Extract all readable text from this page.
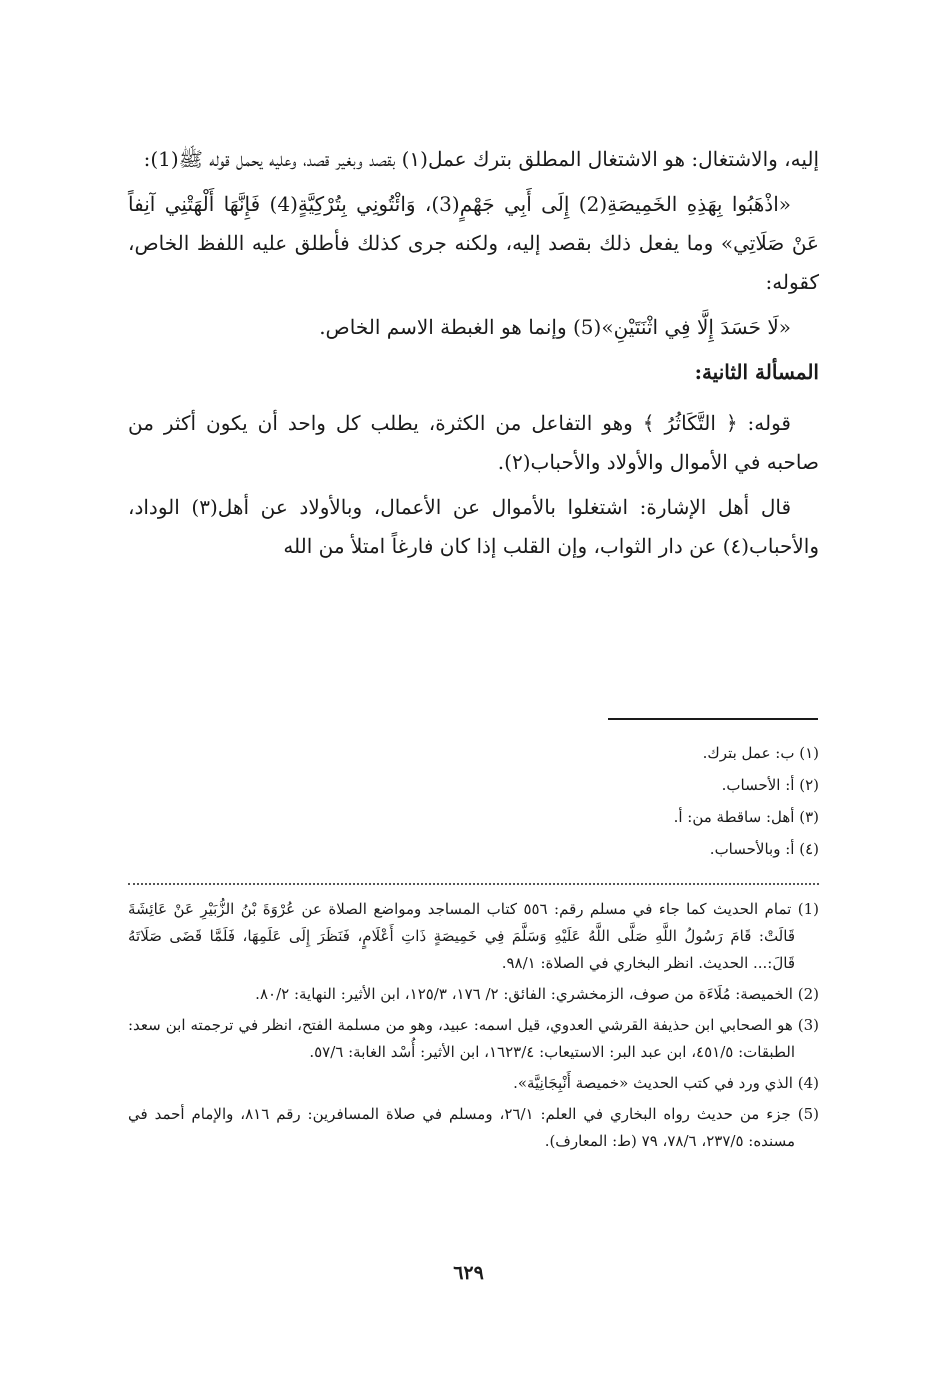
إليه، والاشتغال: هو الاشتغال المطلق بترك عمل(١) بقصد وبغير قصد، وعليه يحمل قوله ﷺ(1):

«اذْهَبُوا بِهَذِهِ الخَمِيصَةِ(2) إِلَى أَبِي جَهْمٍ(3)، وَائْتُونِي بِتُرْكِيَّةٍ(4) فَإِنَّهَا أَلْهَتْنِي آنِفاً عَنْ صَلَاتِي» وما يفعل ذلك بقصد إليه، ولكنه جرى كذلك فأطلق عليه اللفظ الخاص، كقوله:

«لَا حَسَدَ إِلَّا فِي اثْنَتَيْنِ»(5) وإنما هو الغبطة الاسم الخاص.

المسألة الثانية:

قوله: ﴿ التَّكَاثُرُ ﴾ وهو التفاعل من الكثرة، يطلب كل واحد أن يكون أكثر من صاحبه في الأموال والأولاد والأحباب(٢).

قال أهل الإشارة: اشتغلوا بالأموال عن الأعمال، وبالأولاد عن أهل(٣) الوداد، والأحباب(٤) عن دار الثواب، وإن القلب إذا كان فارغاً امتلأ من الله

(١) ب: عمل بترك.
(٢) أ: الأحساب.
(٣) أهل: ساقطة من: أ.
(٤) أ: وبالأحساب.

(1) تمام الحديث كما جاء في مسلم رقم: ٥٥٦ كتاب المساجد ومواضع الصلاة عن عُرْوَةَ بْنُ الزُّبَيْرِ عَنْ عَائِشَةَ قَالَتْ: قَامَ رَسُولُ اللَّهِ صَلَّى اللَّهُ عَلَيْهِ وَسَلَّمَ فِي خَمِيصَةٍ ذَاتِ أَعْلَامٍ، فَنَظَرَ إِلَى عَلَمِهَا، فَلَمَّا قَضَى صَلَاتَهُ قَالَ:... الحديث. انظر البخاري في الصلاة: ٩٨/١.

(2) الخميصة: مُلَاءَة من صوف، الزمخشري: الفائق: ٢/ ١٧٦، ١٢٥/٣، ابن الأثير: النهاية: ٨٠/٢.

(3) هو الصحابي ابن حذيفة القرشي العدوي، قيل اسمه: عبيد، وهو من مسلمة الفتح، انظر في ترجمته ابن سعد: الطبقات: ٤٥١/٥، ابن عبد البر: الاستيعاب: ١٦٢٣/٤، ابن الأثير: أُسْد الغابة: ٥٧/٦.

(4) الذي ورد في كتب الحديث «خميصة أَنْبِجَانِيَّة».

(5) جزء من حديث رواه البخاري في العلم: ٢٦/١، ومسلم في صلاة المسافرين: رقم ٨١٦، والإمام أحمد في مسنده: ٢٣٧/٥، ٧٨/٦، ٧٩ (ط: المعارف).

٦٢٩
